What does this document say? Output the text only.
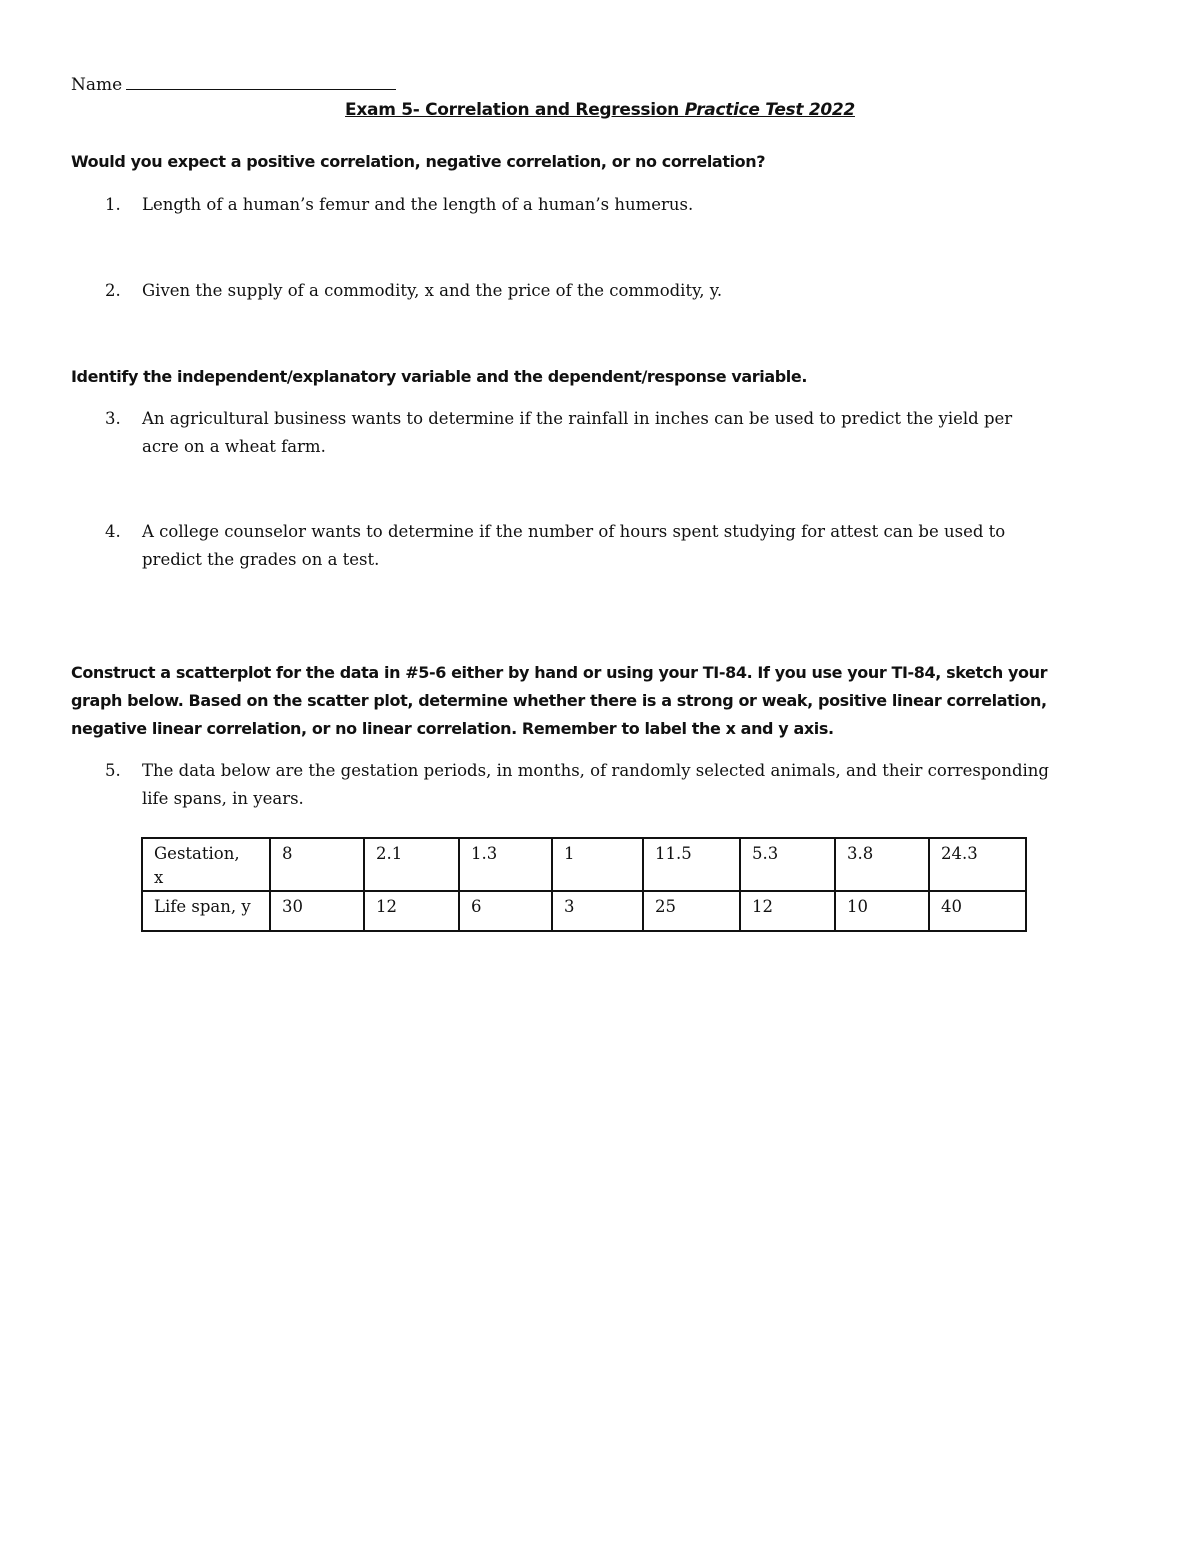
Name
Exam 5- Correlation and Regression Practice Test 2022
Would you expect a positive correlation, negative correlation, or no correlation?
1. Length of a human’s femur and the length of a human’s humerus.
2. Given the supply of a commodity, x and the price of the commodity, y.
Identify the independent/explanatory variable and the dependent/response variable.
3. An agricultural business wants to determine if the rainfall in inches can be used to predict the yield per
acre on a wheat farm.
4. A college counselor wants to determine if the number of hours spent studying for attest can be used to
predict the grades on a test.
Construct a scatterplot for the data in #5-6 either by hand or using your TI-84. If you use your TI-84, sketch your
graph below. Based on the scatter plot, determine whether there is a strong or weak, positive linear correlation,
negative linear correlation, or no linear correlation. Remember to label the x and y axis.
5. The data below are the gestation periods, in months, of randomly selected animals, and their corresponding
life spans, in years.
Gestation,
x	8	2.1	1.3	1	11.5	5.3	3.8	24.3
Life span, y	30	12	6	3	25	12	10	40
